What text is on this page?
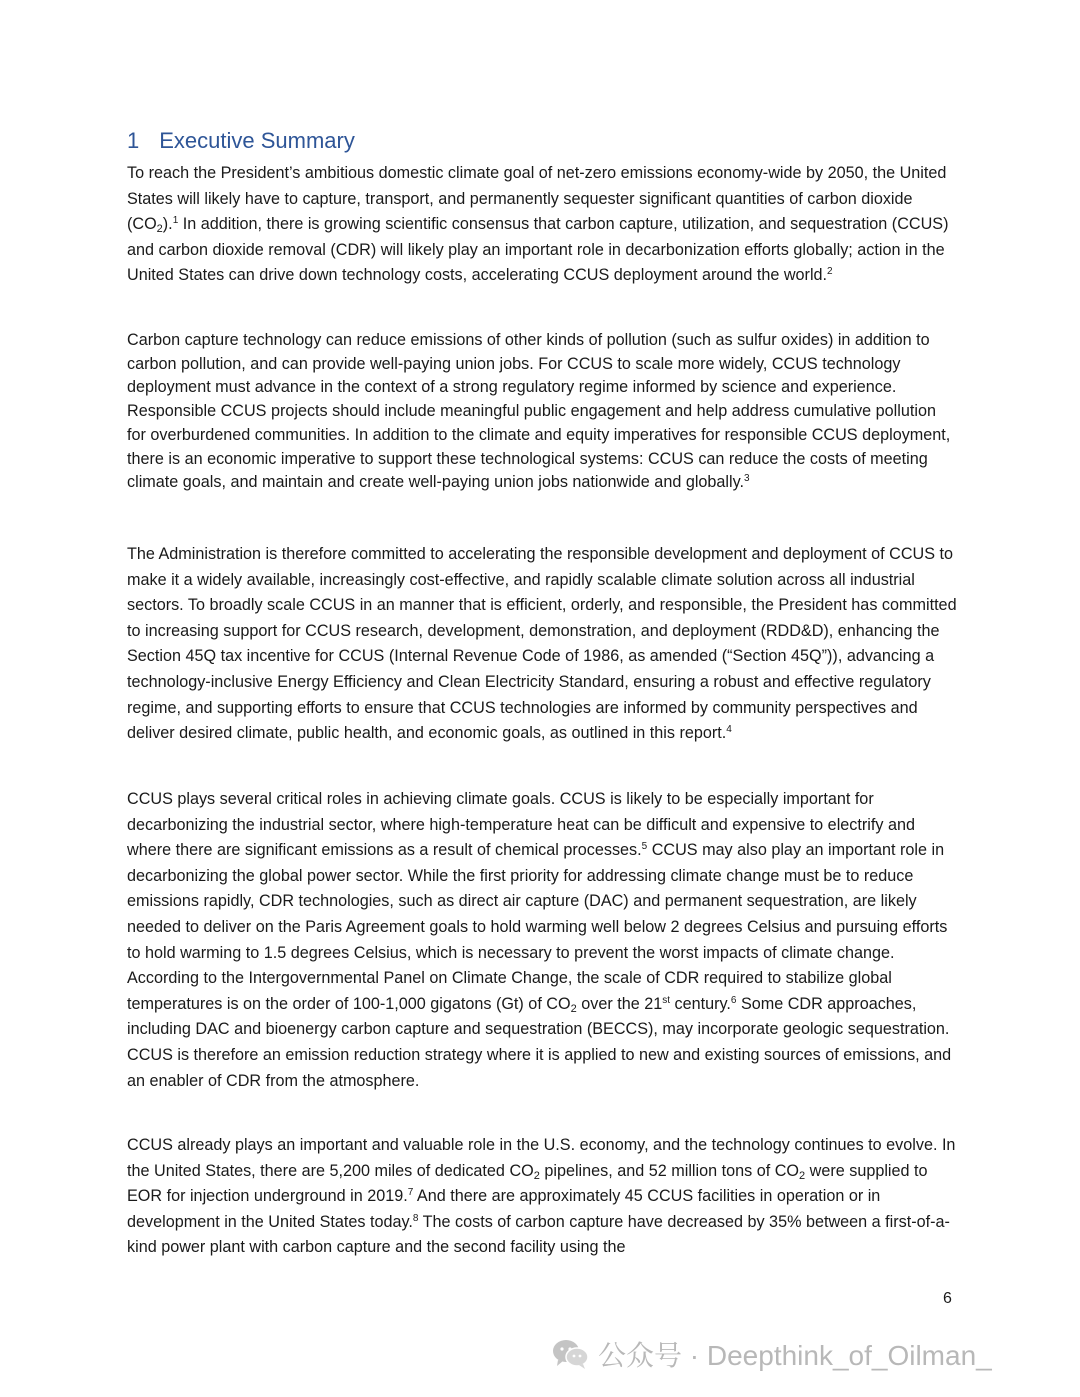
1 Executive Summary

To reach the President’s ambitious domestic climate goal of net-zero emissions economy-wide by 2050, the United States will likely have to capture, transport, and permanently sequester significant quantities of carbon dioxide $(CO_2).^1$ In addition, there is growing scientific consensus that carbon capture, utilization, and sequestration (CCUS) and carbon dioxide removal (CDR) will likely play an important role in decarbonization efforts globally; action in the United States can drive down technology costs, accelerating CCUS deployment around the world.$^2$

Carbon capture technology can reduce emissions of other kinds of pollution (such as sulfur oxides) in addition to carbon pollution, and can provide well-paying union jobs. For CCUS to scale more widely, CCUS technology deployment must advance in the context of a strong regulatory regime informed by science and experience. Responsible CCUS projects should include meaningful public engagement and help address cumulative pollution for overburdened communities. In addition to the climate and equity imperatives for responsible CCUS deployment, there is an economic imperative to support these technological systems: CCUS can reduce the costs of meeting climate goals, and maintain and create well-paying union jobs nationwide and globally.$^3$

The Administration is therefore committed to accelerating the responsible development and deployment of CCUS to make it a widely available, increasingly cost-effective, and rapidly scalable climate solution across all industrial sectors. To broadly scale CCUS in an manner that is efficient, orderly, and responsible, the President has committed to increasing support for CCUS research, development, demonstration, and deployment (RDD&D), enhancing the Section 45Q tax incentive for CCUS (Internal Revenue Code of 1986, as amended (“Section 45Q”)), advancing a technology-inclusive Energy Efficiency and Clean Electricity Standard, ensuring a robust and effective regulatory regime, and supporting efforts to ensure that CCUS technologies are informed by community perspectives and deliver desired climate, public health, and economic goals, as outlined in this report.$^4$

CCUS plays several critical roles in achieving climate goals. CCUS is likely to be especially important for decarbonizing the industrial sector, where high-temperature heat can be difficult and expensive to electrify and where there are significant emissions as a result of chemical processes.$^5$ CCUS may also play an important role in decarbonizing the global power sector. While the first priority for addressing climate change must be to reduce emissions rapidly, CDR technologies, such as direct air capture (DAC) and permanent sequestration, are likely needed to deliver on the Paris Agreement goals to hold warming well below 2 degrees Celsius and pursuing efforts to hold warming to 1.5 degrees Celsius, which is necessary to prevent the worst impacts of climate change. According to the Intergovernmental Panel on Climate Change, the scale of CDR required to stabilize global temperatures is on the order of 100-1,000 gigatons (Gt) of $CO_2$ over the 21st century.$^6$ Some CDR approaches, including DAC and bioenergy carbon capture and sequestration (BECCS), may incorporate geologic sequestration. CCUS is therefore an emission reduction strategy where it is applied to new and existing sources of emissions, and an enabler of CDR from the atmosphere.

CCUS already plays an important and valuable role in the U.S. economy, and the technology continues to evolve. In the United States, there are 5,200 miles of dedicated $CO_2$ pipelines, and 52 million tons of $CO_2$ were supplied to EOR for injection underground in 2019.$^7$ And there are approximately 45 CCUS facilities in operation or in development in the United States today.$^8$ The costs of carbon capture have decreased by 35% between a first-of-a-kind power plant with carbon capture and the second facility using the

6
公众号 · Deepthink_of_Oilman_
